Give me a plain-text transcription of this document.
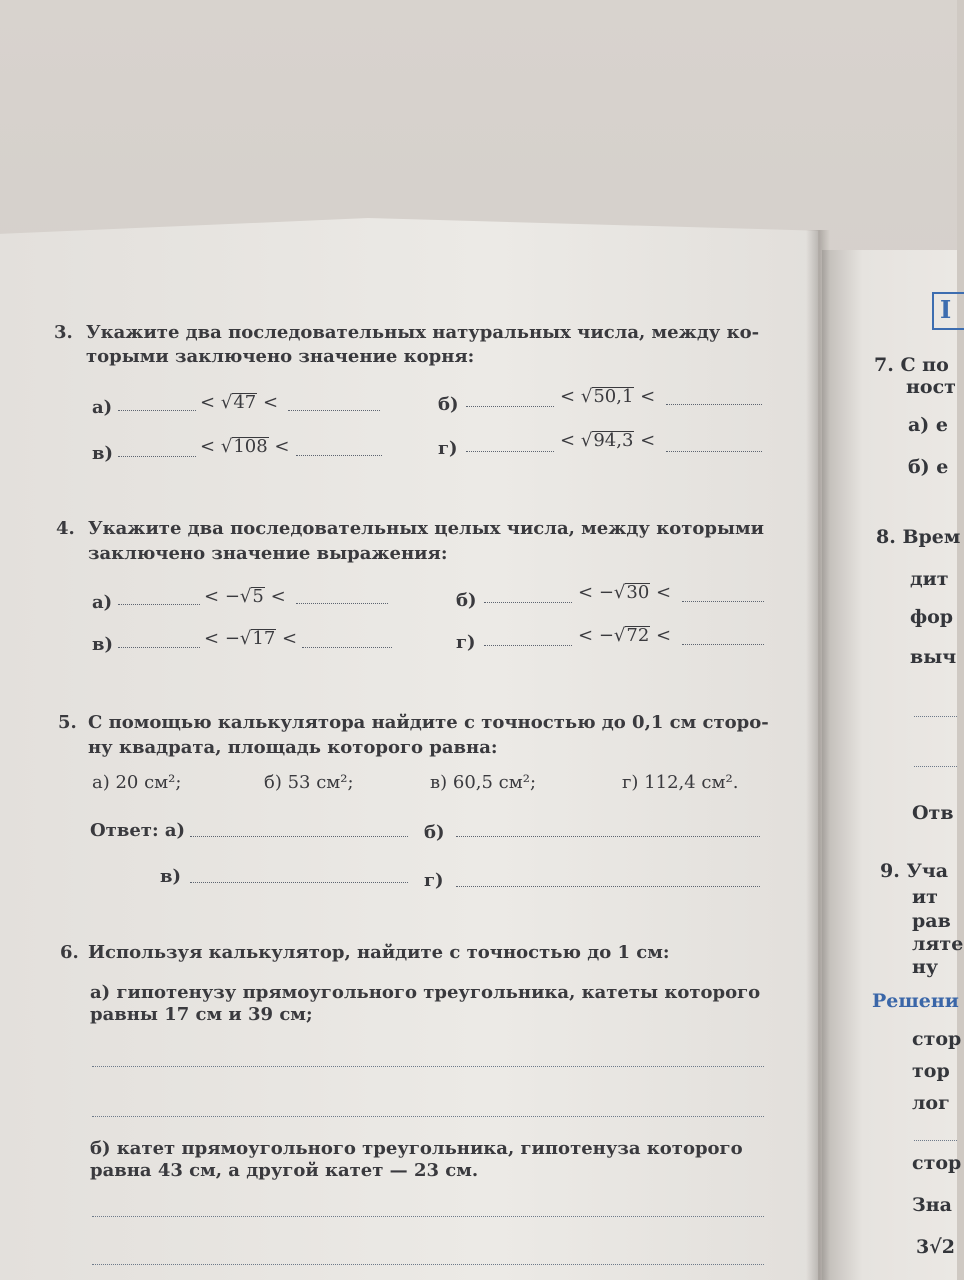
3. Укажите два последовательных натуральных числа, между ко-
торыми заключено значение корня:
а)	< √47 <	б)	< √50,1 <
в)	< √108 <	г)	< √94,3 <
4. Укажите два последовательных целых числа, между которыми
заключено значение выражения:
а)	< −√5 <	б)	< −√30 <
в)	< −√17 <	г)	< −√72 <
5. С помощью калькулятора найдите с точностью до 0,1 см сторо-
ну квадрата, площадь которого равна:
а) 20 см²;	б) 53 см²;	в) 60,5 см²;	г) 112,4 см².
Ответ: а)	б)
в)	г)
6. Используя калькулятор, найдите с точностью до 1 см:
а) гипотенузу прямоугольного треугольника, катеты которого
равны 17 см и 39 см;
б) катет прямоугольного треугольника, гипотенуза которого
равна 43 см, а другой катет — 23 см.
I
7. С по
ност
а) е
б) е
8. Врем
дит
фор
выч
Отв
9. Уча
ит
рав
ляте
ну
Решени
стор
тор
лог
стор
Зна
3√2
